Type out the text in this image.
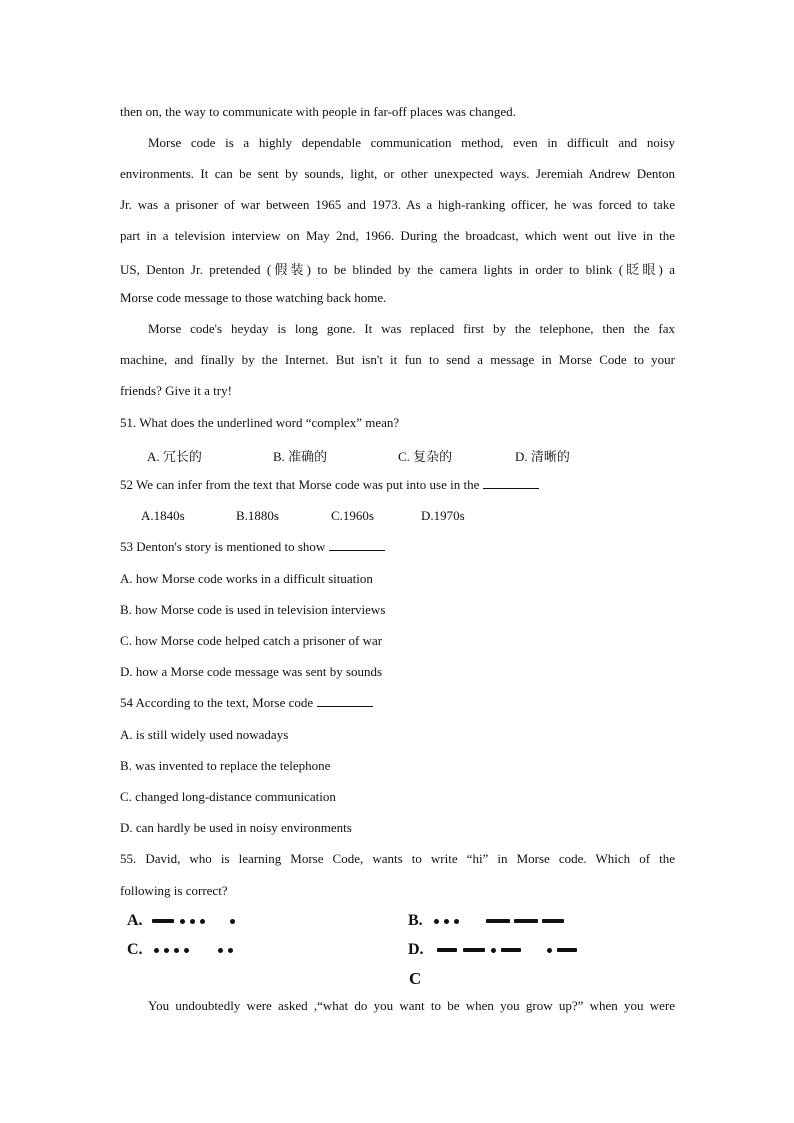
then on, the way to communicate with people in far-off places was changed.
Morse code is a highly dependable communication method, even in difficult and noisy
environments. It can be sent by sounds, light, or other unexpected ways. Jeremiah Andrew Denton
Jr. was a prisoner of war between 1965 and 1973. As a high-ranking officer, he was forced to take
part in a television interview on May 2nd, 1966. During the broadcast, which went out live in the
US, Denton Jr. pretended (假装) to be blinded by the camera lights in order to blink (眨眼) a
Morse code message to those watching back home.
Morse code's heyday is long gone. It was replaced first by the telephone, then the fax
machine, and finally by the Internet. But isn't it fun to send a message in Morse Code to your
friends? Give it a try!
51. What does the underlined word “complex” mean?
A. 冗长的	B. 准确的	C. 复杂的	D. 清晰的
52 We can infer from the text that Morse code was put into use in the
A.1840s	B.1880s	C.1960s	D.1970s
53 Denton's story is mentioned to show
A. how Morse code works in a difficult situation
B. how Morse code is used in television interviews
C. how Morse code helped catch a prisoner of war
D. how a Morse code message was sent by sounds
54 According to the text, Morse code
A. is still widely used nowadays
B. was invented to replace the telephone
C. changed long-distance communication
D. can hardly be used in noisy environments
55. David, who is learning Morse Code, wants to write “hi” in Morse code. Which of the
following is correct?
A.	B.
C.	D.
C
You undoubtedly were asked ,“what do you want to be when you grow up?” when you were
